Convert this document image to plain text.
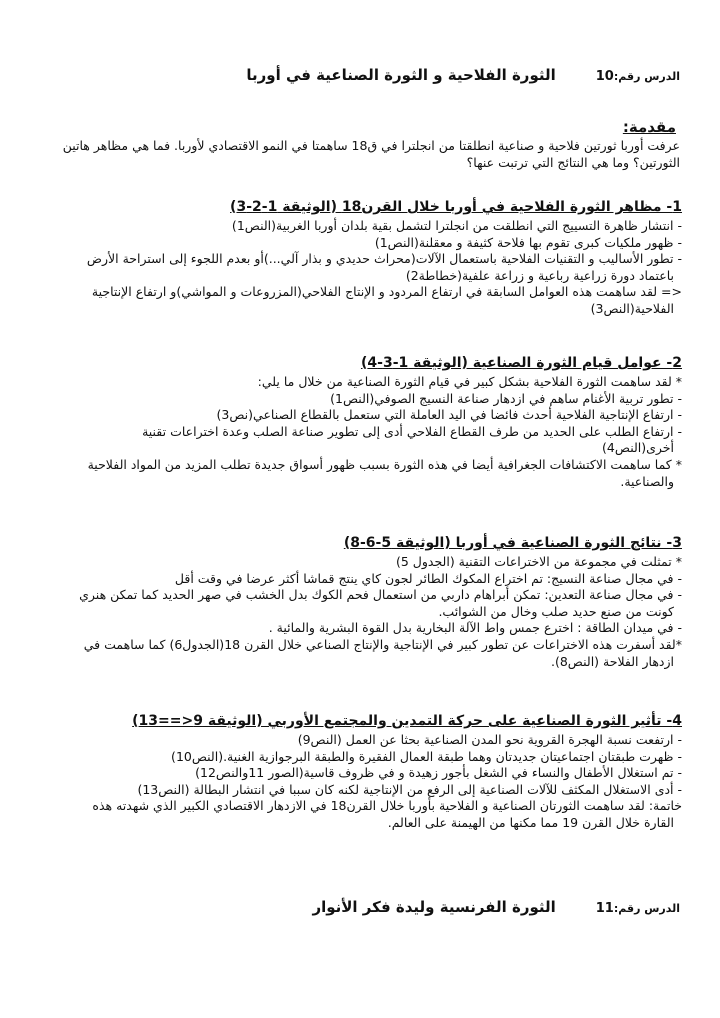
الدرس رقم:10
الثورة الفلاحية و الثورة الصناعية في أوربا
مقدمة:
عرفت أوربا ثورتين فلاحية و صناعية انطلقتا من انجلترا في ق18 ساهمتا في النمو الاقتصادي لأوربا. فما هي مظاهر هاتين الثورتين؟ وما هي النتائج التي ترتبت عنها؟
1- مظاهر الثورة الفلاحية في أوربا خلال القرن18 (الوثيقة 1-2-3)
- انتشار ظاهرة التسييج التي انطلقت من انجلترا لتشمل بقية بلدان أوربا الغربية(النص1)
- ظهور ملكيات كبرى تقوم بها فلاحة كثيفة و معقلنة(النص1)
- تطور الأساليب و التقنيات الفلاحية باستعمال الآلات(محراث حديدي و بذار آلي...)أو بعدم اللجوء إلى استراحة الأرض
باعتماد دورة زراعية رباعية و زراعة علفية(خطاطة2)
<= لقد ساهمت هذه العوامل السابقة في ارتفاع المردود و الإنتاج الفلاحي(المزروعات و المواشي)و ارتفاع الإنتاجية
الفلاحية(النص3)
2- عوامل قيام الثورة الصناعية (الوثيقة 1-3-4)
* لقد ساهمت الثورة الفلاحية بشكل كبير في قيام الثورة الصناعية من خلال ما يلي:
- تطور تربية الأغنام ساهم في ازدهار صناعة النسيج الصوفي(النص1)
- ارتفاع الإنتاجية الفلاحية أحدث فائضا في اليد العاملة التي ستعمل بالقطاع الصناعي(نص3)
- ارتفاع الطلب على الحديد من طرف القطاع الفلاحي أدى إلى تطوير صناعة الصلب وعدة اختراعات تقنية
أخرى(النص4)
* كما ساهمت الاكتشافات الجغرافية أيضا في هذه الثورة بسبب ظهور أسواق جديدة تطلب المزيد من المواد الفلاحية
والصناعية.
3- نتائج الثورة الصناعية في أوربا (الوثيقة 5-6-8)
* تمثلت في مجموعة من الاختراعات التقنية (الجدول 5)
- في مجال صناعة النسيج: تم اختراع المكوك الطائر لجون كاي ينتج قماشا أكثر عرضا في وقت أقل
- في مجال صناعة التعدين: تمكن أبراهام داربي من استعمال فحم الكوك بدل الخشب في صهر الحديد كما تمكن هنري
كونت من صنع حديد صلب وخال من الشوائب.
- في ميدان الطاقة : اخترع جمس واط الآلة البخارية بدل القوة البشرية والمائية .
*لقد أسفرت هذه الاختراعات عن تطور كبير في الإنتاجية والإنتاج الصناعي خلال القرن 18(الجدول6) كما ساهمت في
ازدهار الفلاحة (النص8).
4- تأثير الثورة الصناعية على حركة التمدين والمجتمع الأوربي (الوثيقة 9<==13)
- ارتفعت نسبة الهجرة القروية نحو المدن الصناعية بحثا عن العمل (النص9)
- ظهرت طبقتان اجتماعيتان جديدتان وهما طبقة العمال الفقيرة والطبقة البرجوازية الغنية.(النص10)
- تم استغلال الأطفال والنساء في الشغل بأجور زهيدة و في ظروف قاسية(الصور 11والنص12)
- أدى الاستغلال المكثف للآلات الصناعية إلى الرفع من الإنتاجية لكنه كان سببا في انتشار البطالة (النص13)
خاتمة: لقد ساهمت الثورتان الصناعية و الفلاحية بأوربا خلال القرن18 في الازدهار الاقتصادي الكبير الذي شهدته هذه
القارة خلال القرن 19 مما مكنها من الهيمنة على العالم.
الدرس رقم:11
الثورة الفرنسية وليدة فكر الأنوار
